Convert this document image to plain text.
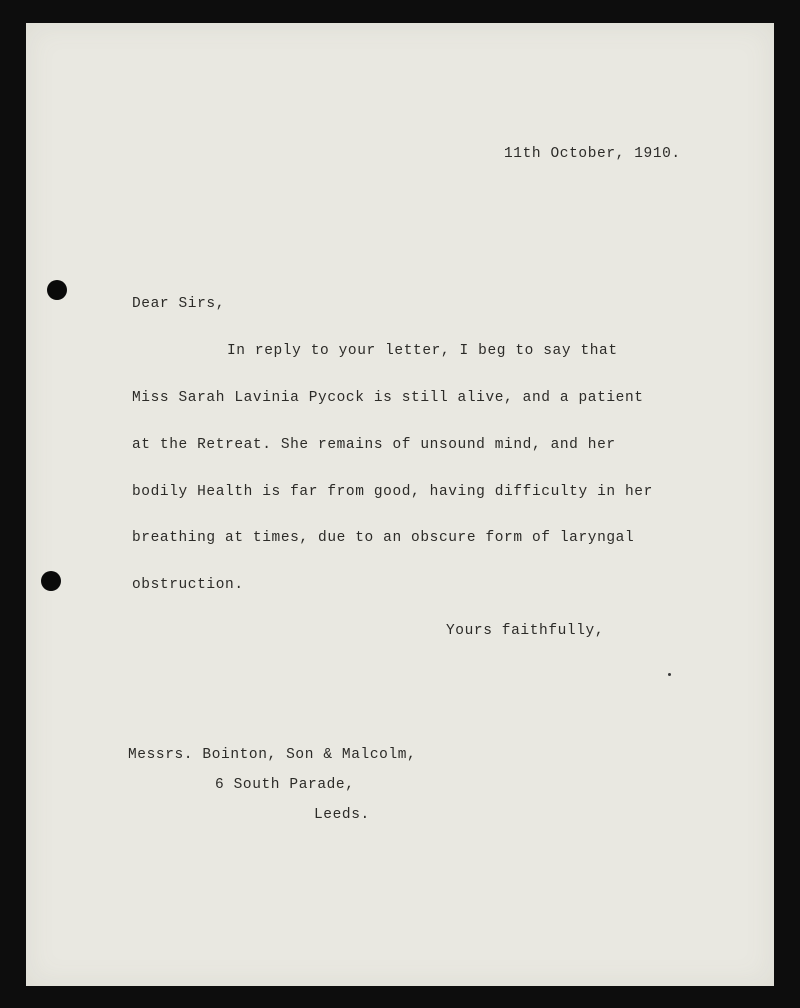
11th October, 1910.

Dear Sirs,

In reply to your letter, I beg to say that

Miss Sarah Lavinia Pycock is still alive, and a patient

at the Retreat. She remains of unsound mind, and her

bodily Health is far from good, having difficulty in her

breathing at times, due to an obscure form of laryngal

obstruction.

Yours faithfully,

Messrs. Bointon, Son & Malcolm,

6 South Parade,

Leeds.
